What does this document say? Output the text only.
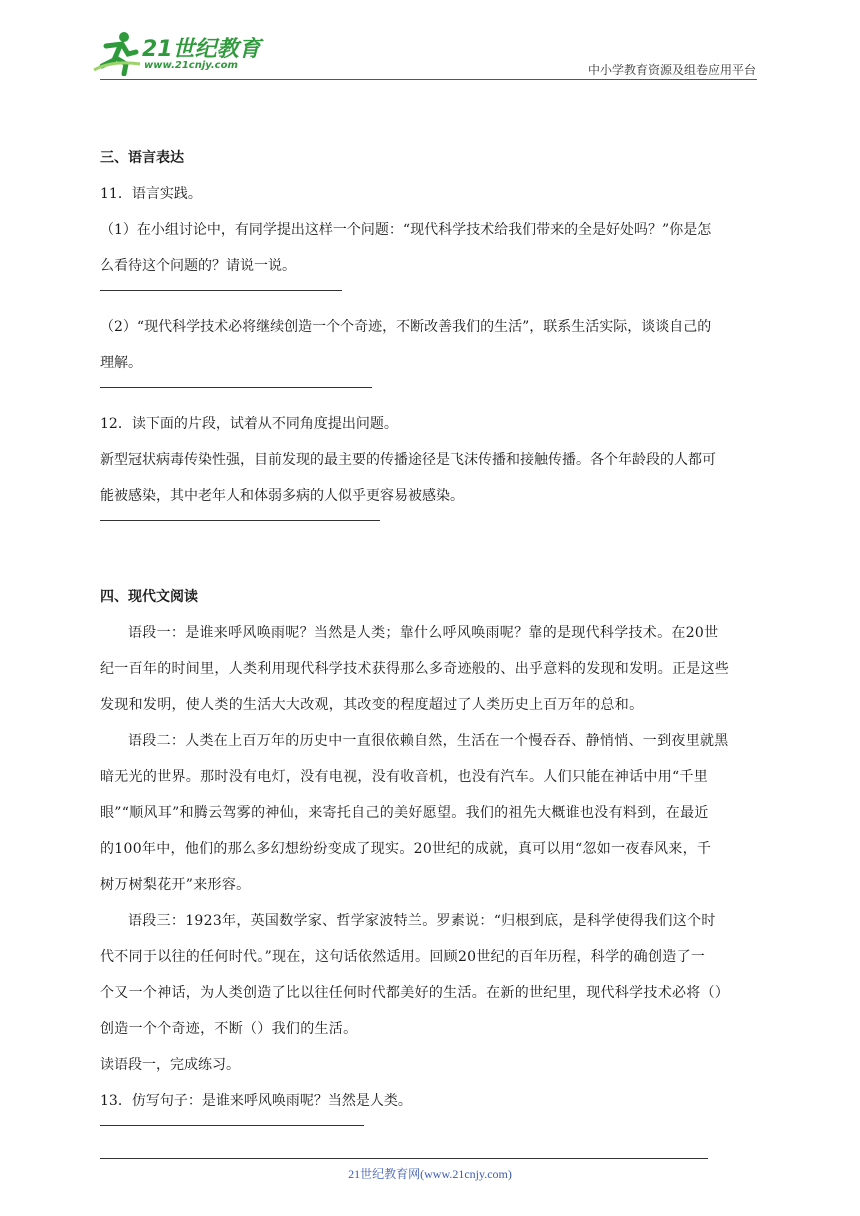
21世纪教育
www.21cnjy.com	中小学教育资源及组卷应用平台
三、语言表达
11．语言实践。
（1）在小组讨论中，有同学提出这样一个问题：“现代科学技术给我们带来的全是好处吗？”你是怎
么看待这个问题的？请说一说。
（2）“现代科学技术必将继续创造一个个奇迹，不断改善我们的生活”，联系生活实际，谈谈自己的
理解。
12．读下面的片段，试着从不同角度提出问题。
新型冠状病毒传染性强，目前发现的最主要的传播途径是飞沫传播和接触传播。各个年龄段的人都可
能被感染，其中老年人和体弱多病的人似乎更容易被感染。
四、现代文阅读
语段一：是谁来呼风唤雨呢？当然是人类；靠什么呼风唤雨呢？靠的是现代科学技术。在20世
纪一百年的时间里，人类利用现代科学技术获得那么多奇迹般的、出乎意料的发现和发明。正是这些
发现和发明，使人类的生活大大改观，其改变的程度超过了人类历史上百万年的总和。
语段二：人类在上百万年的历史中一直很依赖自然，生活在一个慢吞吞、静悄悄、一到夜里就黑
暗无光的世界。那时没有电灯，没有电视，没有收音机，也没有汽车。人们只能在神话中用“千里
眼”“顺风耳”和腾云驾雾的神仙，来寄托自己的美好愿望。我们的祖先大概谁也没有料到，在最近
的100年中，他们的那么多幻想纷纷变成了现实。20世纪的成就，真可以用“忽如一夜春风来，千
树万树梨花开”来形容。
语段三：1923年，英国数学家、哲学家波特兰。罗素说：“归根到底，是科学使得我们这个时
代不同于以往的任何时代。”现在，这句话依然适用。回顾20世纪的百年历程，科学的确创造了一
个又一个神话，为人类创造了比以往任何时代都美好的生活。在新的世纪里，现代科学技术必将（）
创造一个个奇迹，不断（）我们的生活。
读语段一，完成练习。
13．仿写句子：是谁来呼风唤雨呢？当然是人类。
21世纪教育网(www.21cnjy.com)
